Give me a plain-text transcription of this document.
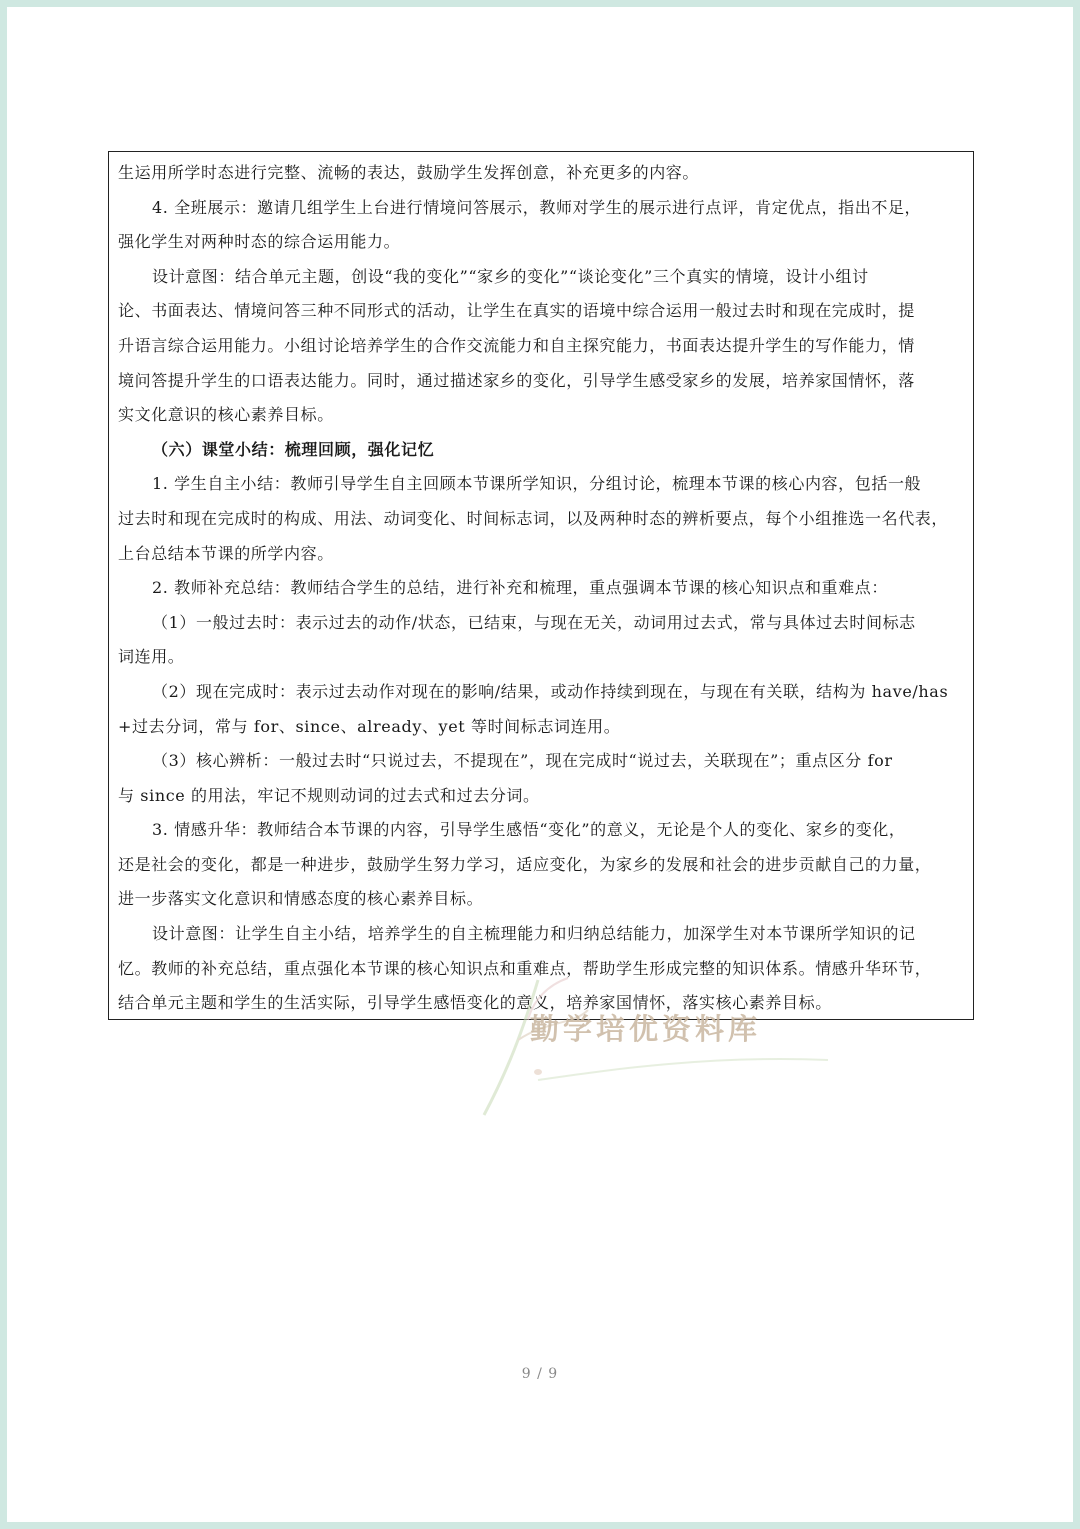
生运用所学时态进行完整、流畅的表达，鼓励学生发挥创意，补充更多的内容。

4. 全班展示：邀请几组学生上台进行情境问答展示，教师对学生的展示进行点评，肯定优点，指出不足，

强化学生对两种时态的综合运用能力。

设计意图：结合单元主题，创设“我的变化”“家乡的变化”“谈论变化”三个真实的情境，设计小组讨

论、书面表达、情境问答三种不同形式的活动，让学生在真实的语境中综合运用一般过去时和现在完成时，提

升语言综合运用能力。小组讨论培养学生的合作交流能力和自主探究能力，书面表达提升学生的写作能力，情

境问答提升学生的口语表达能力。同时，通过描述家乡的变化，引导学生感受家乡的发展，培养家国情怀，落

实文化意识的核心素养目标。

（六）课堂小结：梳理回顾，强化记忆

1. 学生自主小结：教师引导学生自主回顾本节课所学知识，分组讨论，梳理本节课的核心内容，包括一般

过去时和现在完成时的构成、用法、动词变化、时间标志词，以及两种时态的辨析要点，每个小组推选一名代表，

上台总结本节课的所学内容。

2. 教师补充总结：教师结合学生的总结，进行补充和梳理，重点强调本节课的核心知识点和重难点：

（1）一般过去时：表示过去的动作/状态，已结束，与现在无关，动词用过去式，常与具体过去时间标志

词连用。

（2）现在完成时：表示过去动作对现在的影响/结果，或动作持续到现在，与现在有关联，结构为 have/has

+过去分词，常与 for、since、already、yet 等时间标志词连用。

（3）核心辨析：一般过去时“只说过去，不提现在”，现在完成时“说过去，关联现在”；重点区分 for

与 since 的用法，牢记不规则动词的过去式和过去分词。

3. 情感升华：教师结合本节课的内容，引导学生感悟“变化”的意义，无论是个人的变化、家乡的变化，

还是社会的变化，都是一种进步，鼓励学生努力学习，适应变化，为家乡的发展和社会的进步贡献自己的力量，

进一步落实文化意识和情感态度的核心素养目标。

设计意图：让学生自主小结，培养学生的自主梳理能力和归纳总结能力，加深学生对本节课所学知识的记

忆。教师的补充总结，重点强化本节课的核心知识点和重难点，帮助学生形成完整的知识体系。情感升华环节，

结合单元主题和学生的生活实际，引导学生感悟变化的意义，培养家国情怀，落实核心素养目标。

勤学培优资料库
9 / 9
